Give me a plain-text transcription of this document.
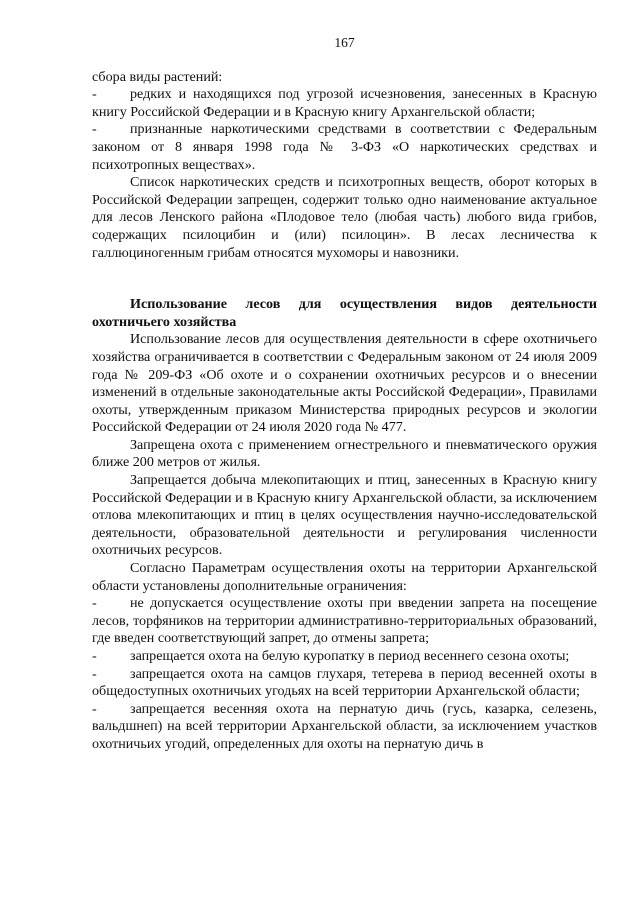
167

сбора виды растений:

-	редких и находящихся под угрозой исчезновения, занесенных в Красную книгу Российской Федерации и в Красную книгу Архангельской области;

-	признанные наркотическими средствами в соответствии с Федеральным законом от 8 января 1998 года № 3-ФЗ «О наркотических средствах и психотропных веществах».

Список наркотических средств и психотропных веществ, оборот которых в Российской Федерации запрещен, содержит только одно наименование актуальное для лесов Ленского района «Плодовое тело (любая часть) любого вида грибов, содержащих псилоцибин и (или) псилоцин». В лесах лесничества к галлюциногенным грибам относятся мухоморы и навозники.

Использование лесов для осуществления видов деятельности охотничьего хозяйства

Использование лесов для осуществления деятельности в сфере охотничьего хозяйства ограничивается в соответствии с Федеральным законом от 24 июля 2009 года № 209-ФЗ «Об охоте и о сохранении охотничьих ресурсов и о внесении изменений в отдельные законодательные акты Российской Федерации», Правилами охоты, утвержденным приказом Министерства природных ресурсов и экологии Российской Федерации от 24 июля 2020 года № 477.

Запрещена охота с применением огнестрельного и пневматического оружия ближе 200 метров от жилья.

Запрещается добыча млекопитающих и птиц, занесенных в Красную книгу Российской Федерации и в Красную книгу Архангельской области, за исключением отлова млекопитающих и птиц в целях осуществления научно-исследовательской деятельности, образовательной деятельности и регулирования численности охотничьих ресурсов.

Согласно Параметрам осуществления охоты на территории Архангельской области установлены дополнительные ограничения:

-	не допускается осуществление охоты при введении запрета на посещение лесов, торфяников на территории административно-территориальных образований, где введен соответствующий запрет, до отмены запрета;

-	запрещается охота на белую куропатку в период весеннего сезона охоты;

-	запрещается охота на самцов глухаря, тетерева в период весенней охоты в общедоступных охотничьих угодьях на всей территории Архангельской области;

-	запрещается весенняя охота на пернатую дичь (гусь, казарка, селезень, вальдшнеп) на всей территории Архангельской области, за исключением участков охотничьих угодий, определенных для охоты на пернатую дичь в
